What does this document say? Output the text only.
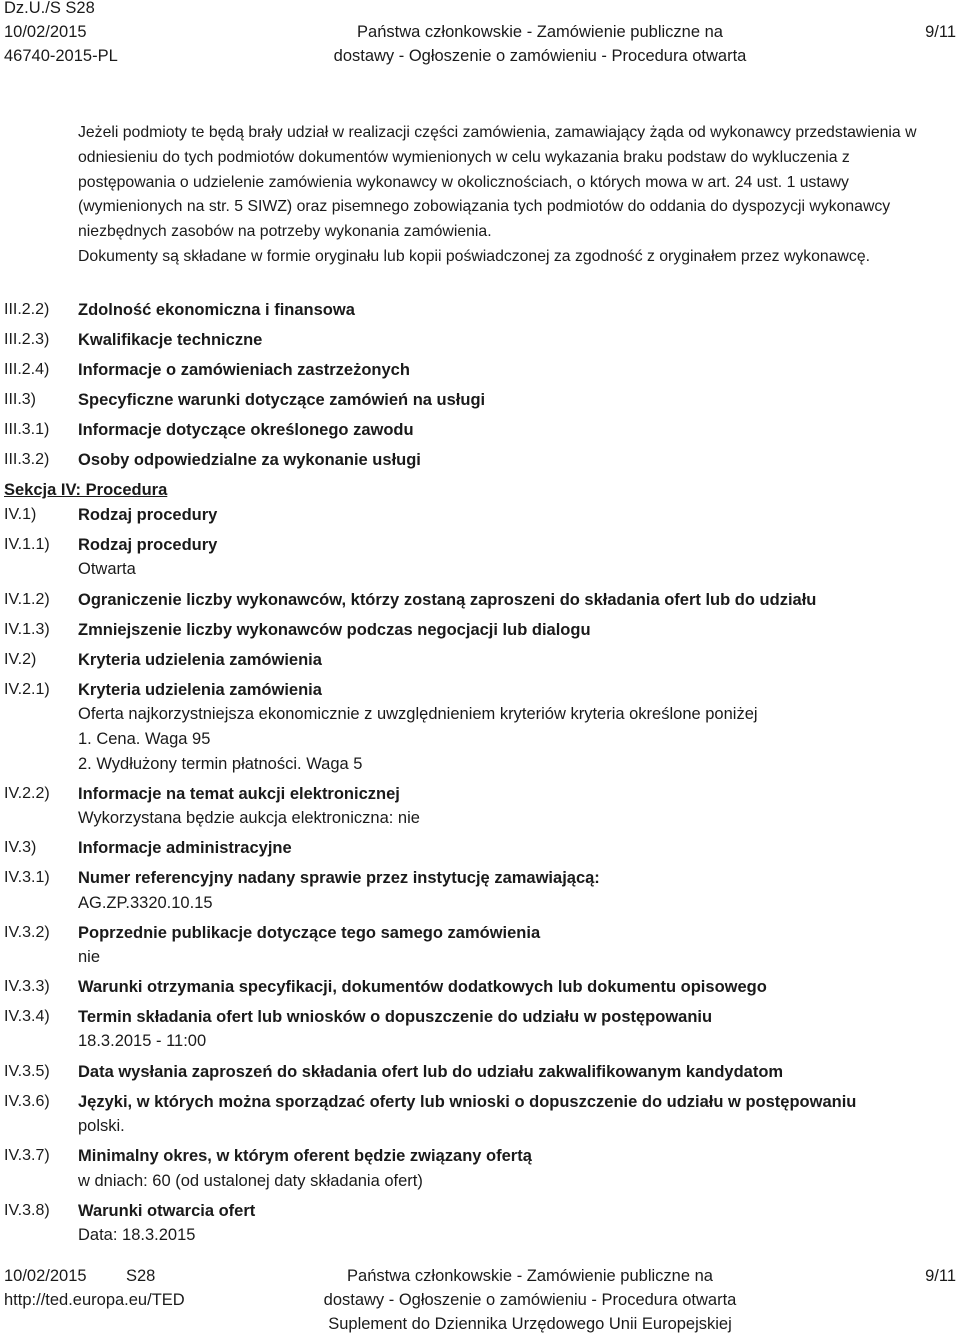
Dz.U./S S28
10/02/2015
46740-2015-PL
Państwa członkowskie - Zamówienie publiczne na
dostawy - Ogłoszenie o zamówieniu - Procedura otwarta
9/11

Jeżeli podmioty te będą brały udział w realizacji części zamówienia, zamawiający żąda od wykonawcy przedstawienia w odniesieniu do tych podmiotów dokumentów wymienionych w celu wykazania braku podstaw do wykluczenia z postępowania o udzielenie zamówienia wykonawcy w okolicznościach, o których mowa w art. 24 ust. 1 ustawy (wymienionych na str. 5 SIWZ) oraz pisemnego zobowiązania tych podmiotów do oddania do dyspozycji wykonawcy niezbędnych zasobów na potrzeby wykonania zamówienia.

Dokumenty są składane w formie oryginału lub kopii poświadczonej za zgodność z oryginałem przez wykonawcę.

III.2.2) Zdolność ekonomiczna i finansowa
III.2.3) Kwalifikacje techniczne
III.2.4) Informacje o zamówieniach zastrzeżonych
III.3)	Specyficzne warunki dotyczące zamówień na usługi
III.3.1) Informacje dotyczące określonego zawodu
III.3.2) Osoby odpowiedzialne za wykonanie usługi
Sekcja IV: Procedura
IV.1)	Rodzaj procedury
IV.1.1) Rodzaj procedury
Otwarta
IV.1.2) Ograniczenie liczby wykonawców, którzy zostaną zaproszeni do składania ofert lub do udziału
IV.1.3) Zmniejszenie liczby wykonawców podczas negocjacji lub dialogu
IV.2)	Kryteria udzielenia zamówienia
IV.2.1) Kryteria udzielenia zamówienia
Oferta najkorzystniejsza ekonomicznie z uwzględnieniem kryteriów kryteria określone poniżej
1. Cena. Waga 95
2. Wydłużony termin płatności. Waga 5
IV.2.2) Informacje na temat aukcji elektronicznej
Wykorzystana będzie aukcja elektroniczna: nie
IV.3)	Informacje administracyjne
IV.3.1) Numer referencyjny nadany sprawie przez instytucję zamawiającą:
AG.ZP.3320.10.15
IV.3.2) Poprzednie publikacje dotyczące tego samego zamówienia
nie
IV.3.3) Warunki otrzymania specyfikacji, dokumentów dodatkowych lub dokumentu opisowego
IV.3.4) Termin składania ofert lub wniosków o dopuszczenie do udziału w postępowaniu
18.3.2015 - 11:00
IV.3.5) Data wysłania zaproszeń do składania ofert lub do udziału zakwalifikowanym kandydatom
IV.3.6) Języki, w których można sporządzać oferty lub wnioski o dopuszczenie do udziału w postępowaniu
polski.
IV.3.7) Minimalny okres, w którym oferent będzie związany ofertą
w dniach: 60 (od ustalonej daty składania ofert)
IV.3.8) Warunki otwarcia ofert
Data: 18.3.2015
10/02/2015 S28
http://ted.europa.eu/TED
Państwa członkowskie - Zamówienie publiczne na
dostawy - Ogłoszenie o zamówieniu - Procedura otwarta
Suplement do Dziennika Urzędowego Unii Europejskiej
9/11
